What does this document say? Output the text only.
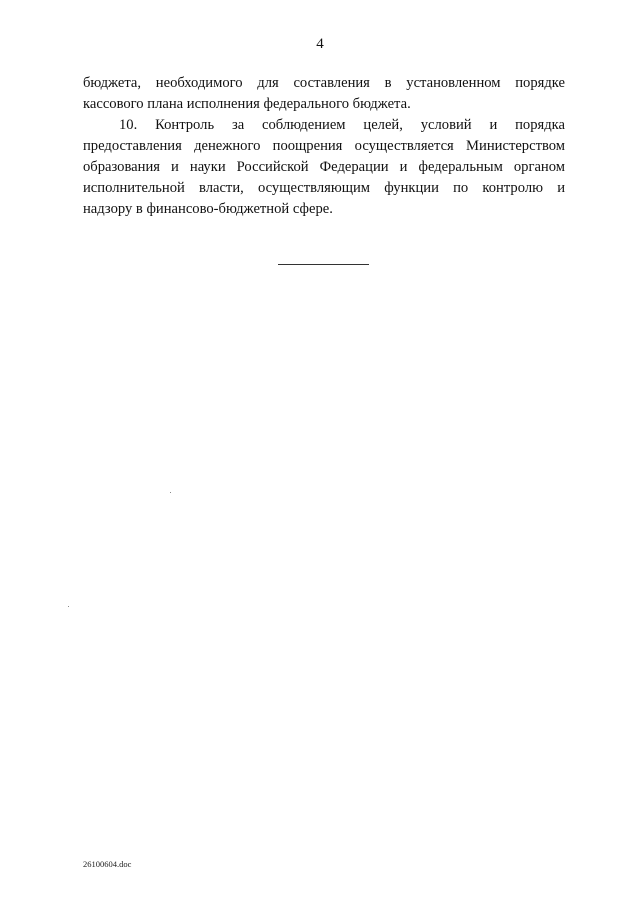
4
бюджета, необходимого для составления в установленном порядке
кассового плана исполнения федерального бюджета.
10. Контроль за соблюдением целей, условий и порядка
предоставления денежного поощрения осуществляется Министерством
образования и науки Российской Федерации и федеральным органом
исполнительной власти, осуществляющим функции по контролю и
надзору в финансово-бюджетной сфере.
26100604.doc
